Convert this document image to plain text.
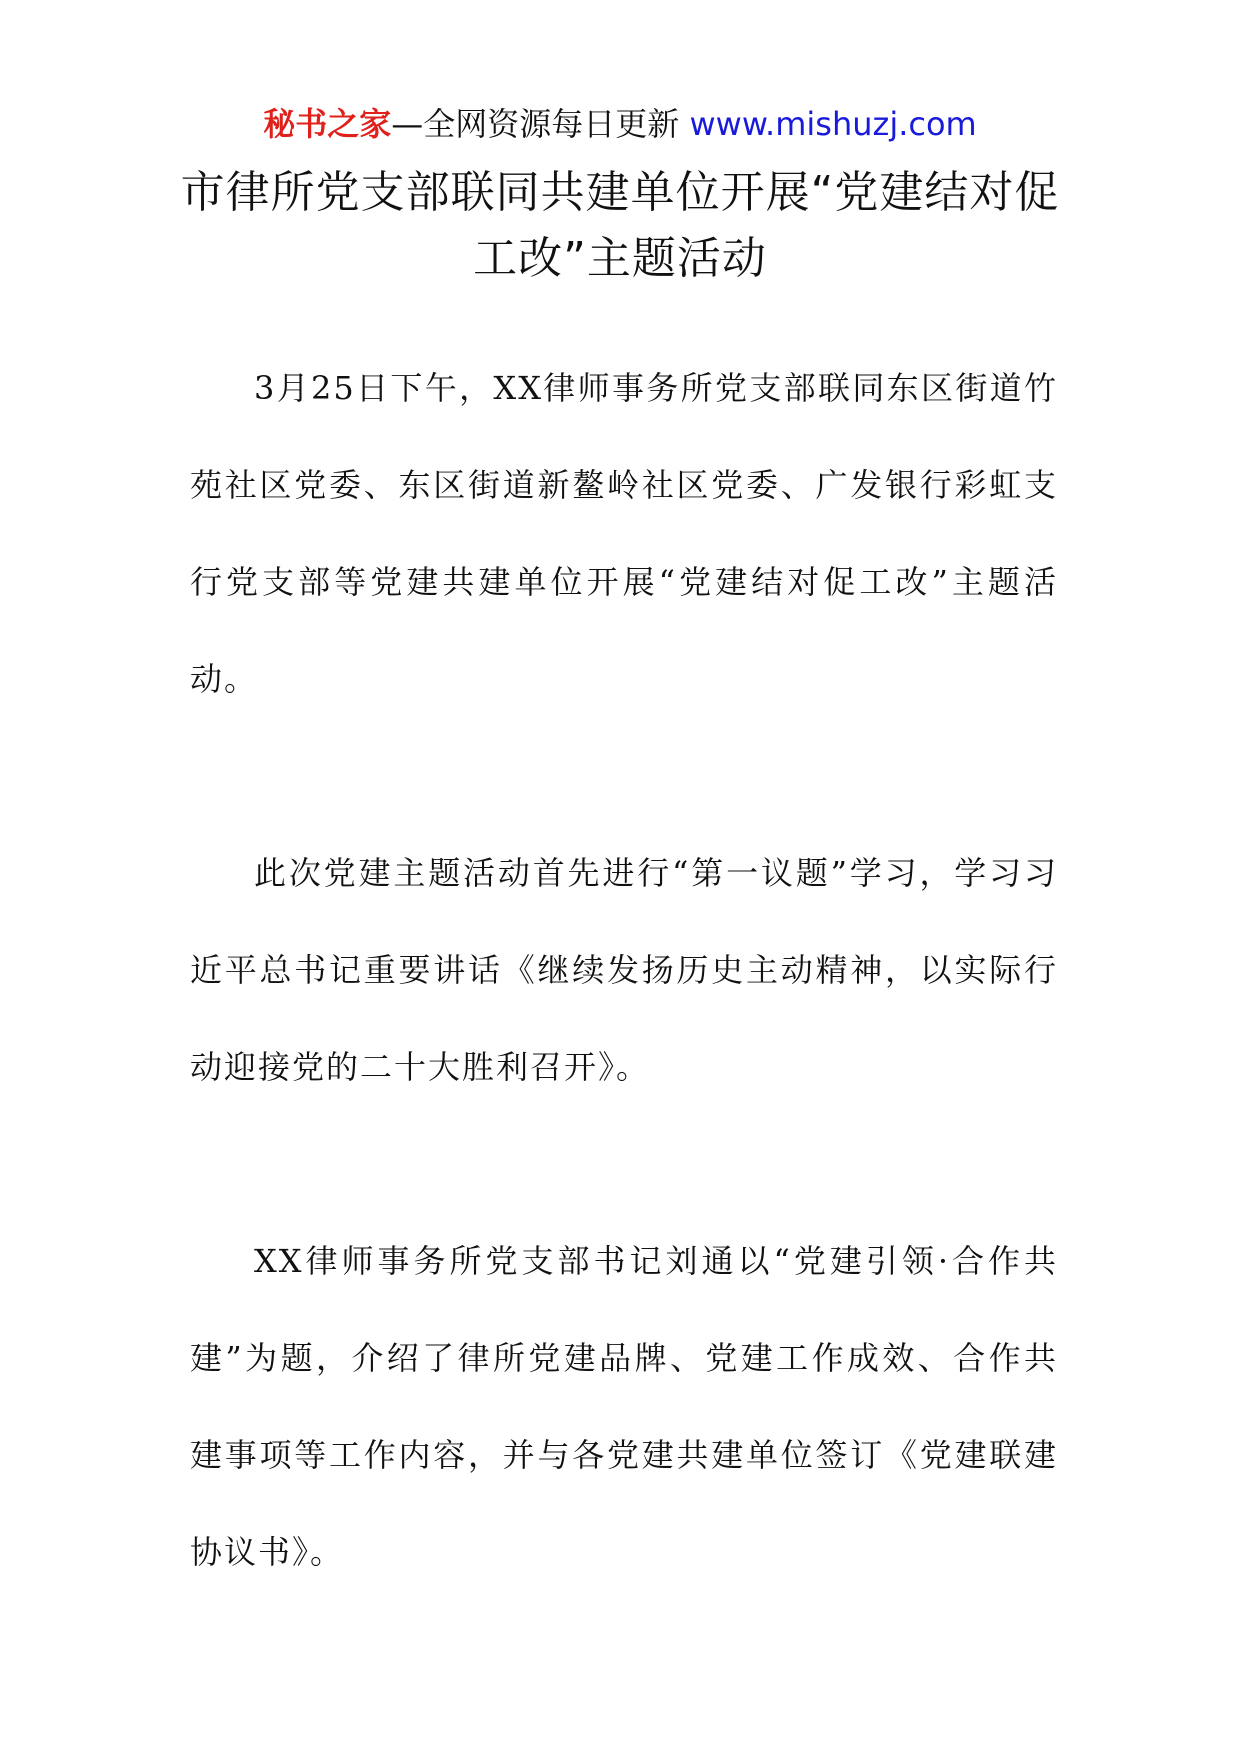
秘书之家—全网资源每日更新 www.mishuzj.com
市律所党支部联同共建单位开展“党建结对促工改”主题活动

3月25日下午，XX律师事务所党支部联同东区街道竹苑社区党委、东区街道新鳌岭社区党委、广发银行彩虹支行党支部等党建共建单位开展“党建结对促工改”主题活动。

此次党建主题活动首先进行“第一议题”学习，学习习近平总书记重要讲话《继续发扬历史主动精神，以实际行动迎接党的二十大胜利召开》。

XX律师事务所党支部书记刘通以“党建引领·合作共建”为题，介绍了律所党建品牌、党建工作成效、合作共建事项等工作内容，并与各党建共建单位签订《党建联建协议书》。
